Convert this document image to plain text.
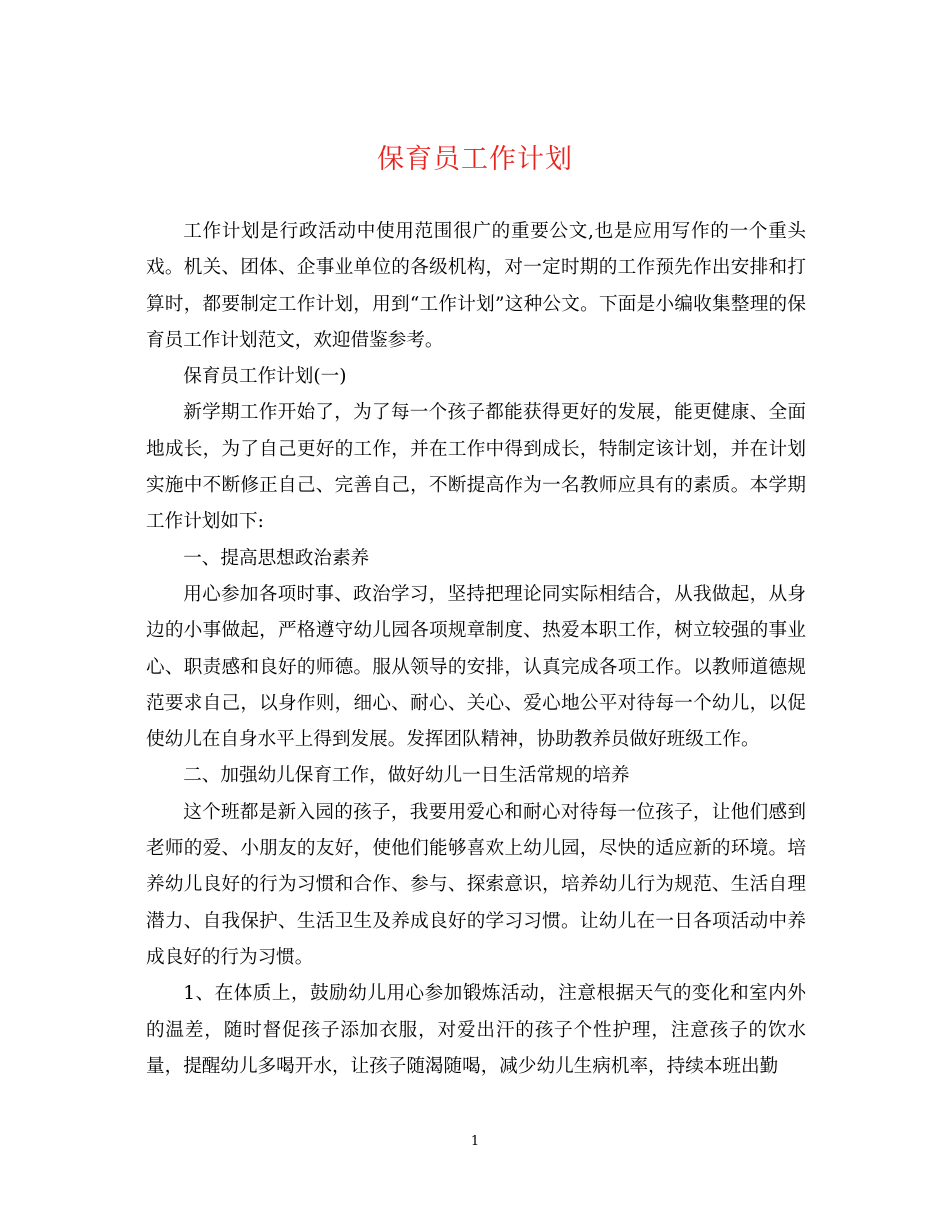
保育员工作计划

工作计划是行政活动中使用范围很广的重要公文,也是应用写作的一个重头戏。机关、团体、企事业单位的各级机构，对一定时期的工作预先作出安排和打算时，都要制定工作计划，用到“工作计划”这种公文。下面是小编收集整理的保育员工作计划范文，欢迎借鉴参考。

保育员工作计划(一)

新学期工作开始了，为了每一个孩子都能获得更好的发展，能更健康、全面地成长，为了自己更好的工作，并在工作中得到成长，特制定该计划，并在计划实施中不断修正自己、完善自己，不断提高作为一名教师应具有的素质。本学期工作计划如下:

一、提高思想政治素养

用心参加各项时事、政治学习，坚持把理论同实际相结合，从我做起，从身边的小事做起，严格遵守幼儿园各项规章制度、热爱本职工作，树立较强的事业心、职责感和良好的师德。服从领导的安排，认真完成各项工作。以教师道德规范要求自己，以身作则，细心、耐心、关心、爱心地公平对待每一个幼儿，以促使幼儿在自身水平上得到发展。发挥团队精神，协助教养员做好班级工作。

二、加强幼儿保育工作，做好幼儿一日生活常规的培养

这个班都是新入园的孩子，我要用爱心和耐心对待每一位孩子，让他们感到老师的爱、小朋友的友好，使他们能够喜欢上幼儿园，尽快的适应新的环境。培养幼儿良好的行为习惯和合作、参与、探索意识，培养幼儿行为规范、生活自理潜力、自我保护、生活卫生及养成良好的学习习惯。让幼儿在一日各项活动中养成良好的行为习惯。

1、在体质上，鼓励幼儿用心参加锻炼活动，注意根据天气的变化和室内外的温差，随时督促孩子添加衣服，对爱出汗的孩子个性护理，注意孩子的饮水量，提醒幼儿多喝开水，让孩子随渴随喝，减少幼儿生病机率，持续本班出勤

1
